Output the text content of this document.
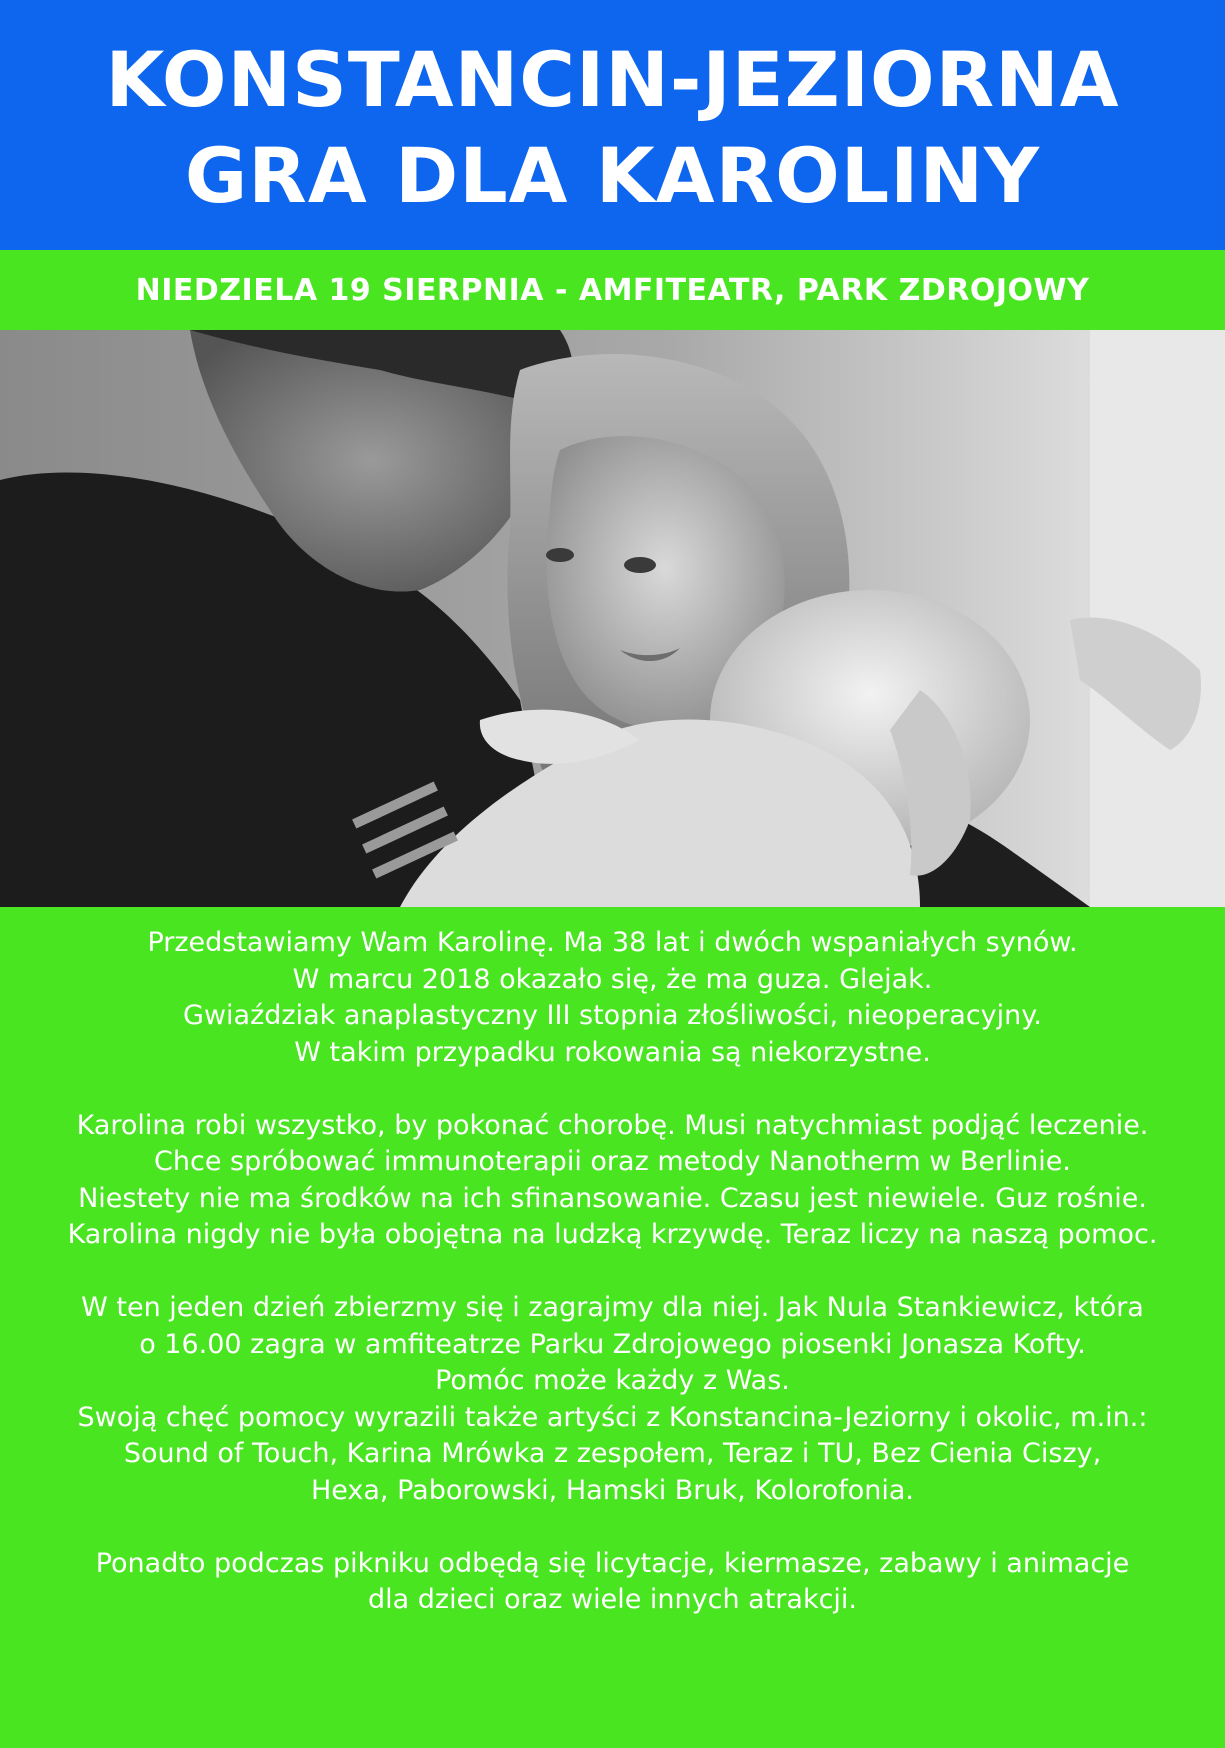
KONSTANCIN-JEZIORNA
GRA DLA KAROLINY
NIEDZIELA 19 SIERPNIA - AMFITEATR, PARK ZDROJOWY

Przedstawiamy Wam Karolinę. Ma 38 lat i dwóch wspaniałych synów.

W marcu 2018 okazało się, że ma guza. Glejak.

Gwiaździak anaplastyczny III stopnia złośliwości, nieoperacyjny.

W takim przypadku rokowania są niekorzystne.

Karolina robi wszystko, by pokonać chorobę. Musi natychmiast podjąć leczenie.

Chce spróbować immunoterapii oraz metody Nanotherm w Berlinie.

Niestety nie ma środków na ich sfinansowanie. Czasu jest niewiele. Guz rośnie.

Karolina nigdy nie była obojętna na ludzką krzywdę. Teraz liczy na naszą pomoc.

W ten jeden dzień zbierzmy się i zagrajmy dla niej. Jak Nula Stankiewicz, która

o 16.00 zagra w amfiteatrze Parku Zdrojowego piosenki Jonasza Kofty.

Pomóc może każdy z Was.

Swoją chęć pomocy wyrazili także artyści z Konstancina-Jeziorny i okolic, m.in.:

Sound of Touch, Karina Mrówka z zespołem, Teraz i TU, Bez Cienia Ciszy,

Hexa, Paborowski, Hamski Bruk, Kolorofonia.

Ponadto podczas pikniku odbędą się licytacje, kiermasze, zabawy i animacje

dla dzieci oraz wiele innych atrakcji.
